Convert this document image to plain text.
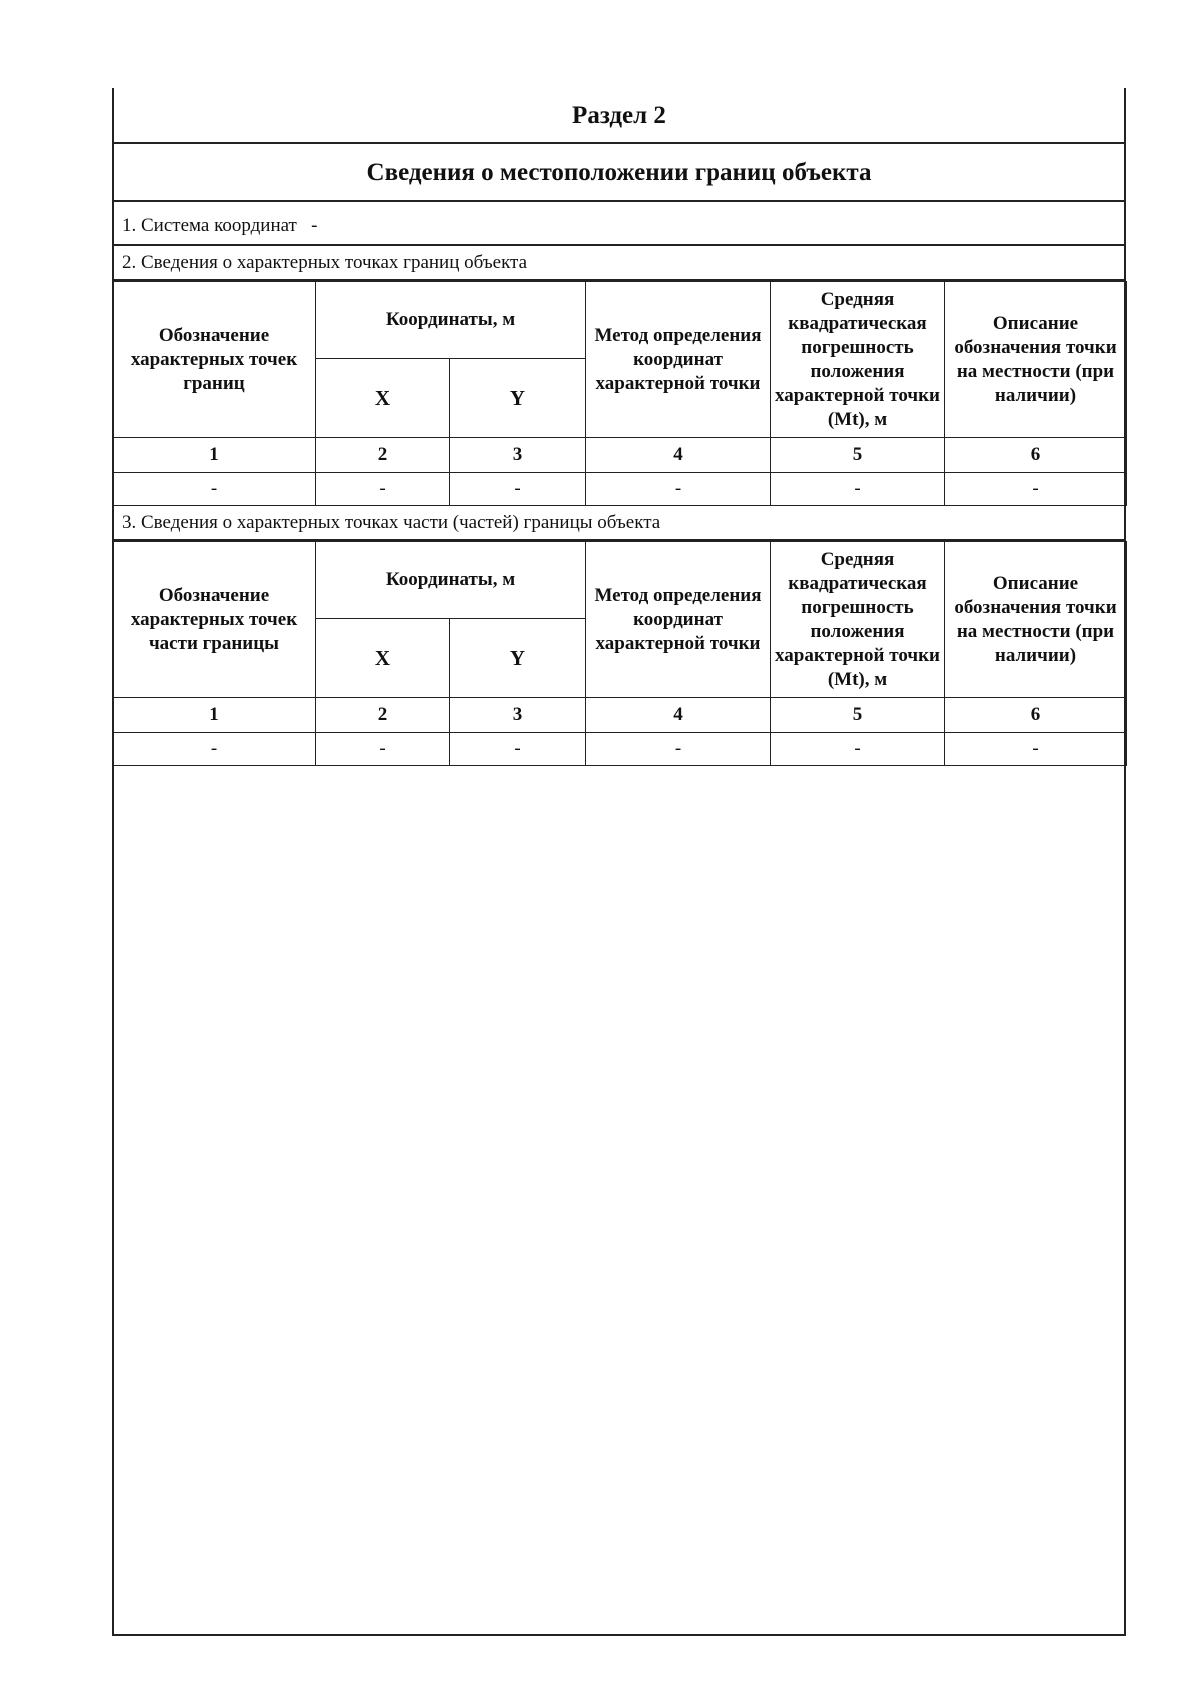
Раздел 2
Сведения о местоположении границ объекта
1. Система координат -
2. Сведения о характерных точках границ объекта
Обозначение характерных точек границ	Координаты, м		Метод определения координат характерной точки	Средняя квадратическая погрешность положения характерной точки (Mt), м	Описание обозначения точки на местности (при наличии)
	X	Y			
1	2	3	4	5	6
-	-	-	-	-	-
3. Сведения о характерных точках части (частей) границы объекта
Обозначение характерных точек части границы	Координаты, м		Метод определения координат характерной точки	Средняя квадратическая погрешность положения характерной точки (Mt), м	Описание обозначения точки на местности (при наличии)
	X	Y			
1	2	3	4	5	6
-	-	-	-	-	-
